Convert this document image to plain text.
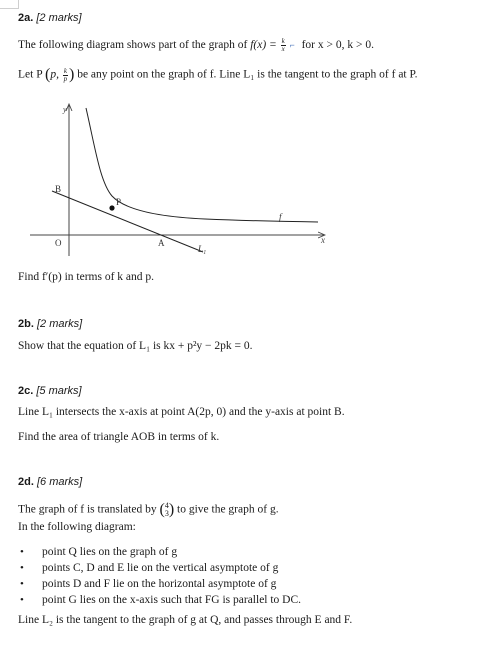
2a. [2 marks]
The following diagram shows part of the graph of $f(x) = \frac{k}{x}$ ⌐ for x > 0, k > 0.
Let P (p, $\frac{k}{p}$ ) be any point on the graph of f. Line L₁ is the tangent to the graph of f at P.
y
x
O
B
P
A
f
L₁
Find f′(p) in terms of k and p.
2b. [2 marks]
Show that the equation of L₁ is kx + p²y − 2pk = 0.
2c. [5 marks]
Line L₁ intersects the x-axis at point A(2p, 0) and the y-axis at point B.
Find the area of triangle AOB in terms of k.
2d. [6 marks]
The graph of f is translated by ( 4
3 ) to give the graph of g.
In the following diagram:
• point Q lies on the graph of g
• points C, D and E lie on the vertical asymptote of g
• points D and F lie on the horizontal asymptote of g
• point G lies on the x-axis such that FG is parallel to DC.
Line L₂ is the tangent to the graph of g at Q, and passes through E and F.
